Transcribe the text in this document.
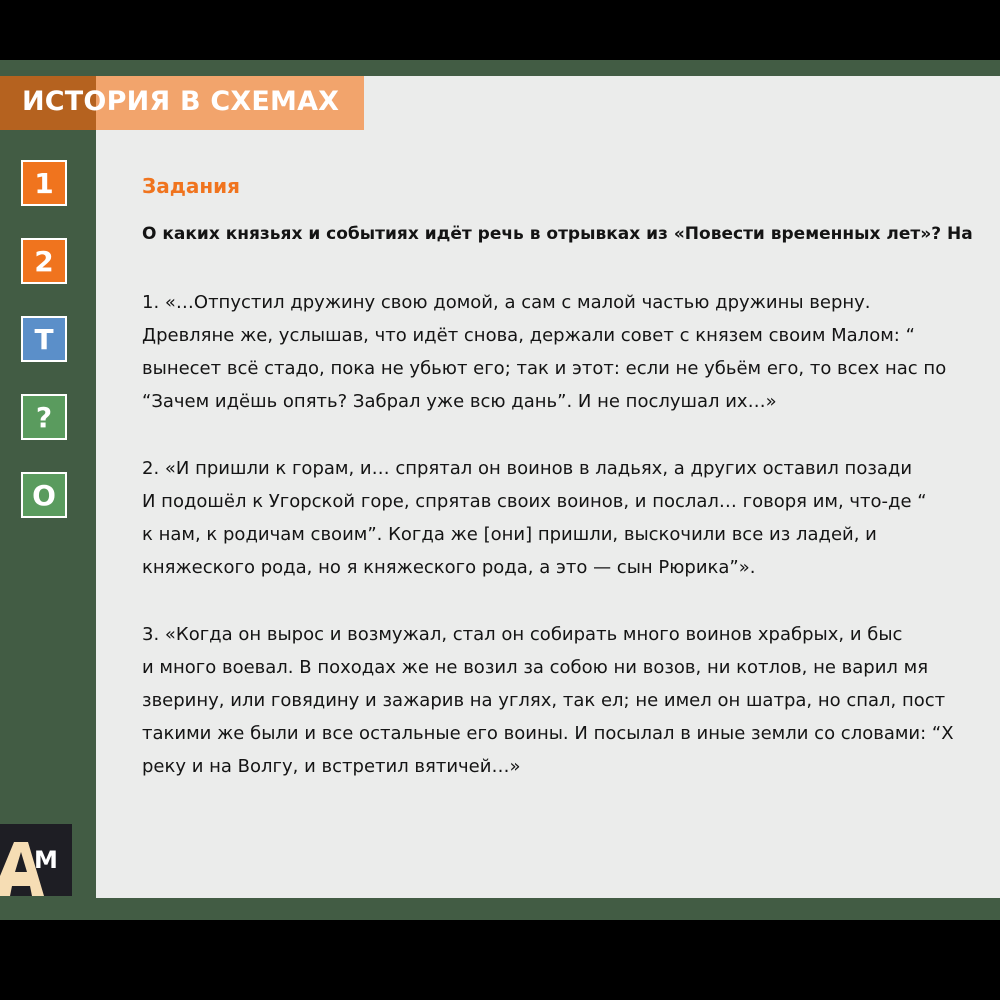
Задания
О каких князьях и событиях идёт речь в отрывках из «Повести временных лет»? На
1. «…Отпустил дружину свою домой, а сам с малой частью дружины верну.
Древляне же, услышав, что идёт снова, держали совет с князем своим Малом: “
вынесет всё стадо, пока не убьют его; так и этот: если не убьём его, то всех нас по
“Зачем идёшь опять? Забрал уже всю дань”. И не послушал их…»
2. «И пришли к горам, и… спрятал он воинов в ладьях, а других оставил позади
И подошёл к Угорской горе, спрятав своих воинов, и послал… говоря им, что-де “
к нам, к родичам своим”. Когда же [они] пришли, выскочили все из ладей, и
княжеского рода, но я княжеского рода, а это — сын Рюрика”».
3. «Когда он вырос и возмужал, стал он собирать много воинов храбрых, и быс
и много воевал. В походах же не возил за собою ни возов, ни котлов, не варил мя
зверину, или говядину и зажарив на углях, так ел; не имел он шатра, но спал, пост
такими же были и все остальные его воины. И посылал в иные земли со словами: “Х
реку и на Волгу, и встретил вятичей…»
ИСТОРИЯ В СХЕМАХ
1
2
Т
?
О
М
